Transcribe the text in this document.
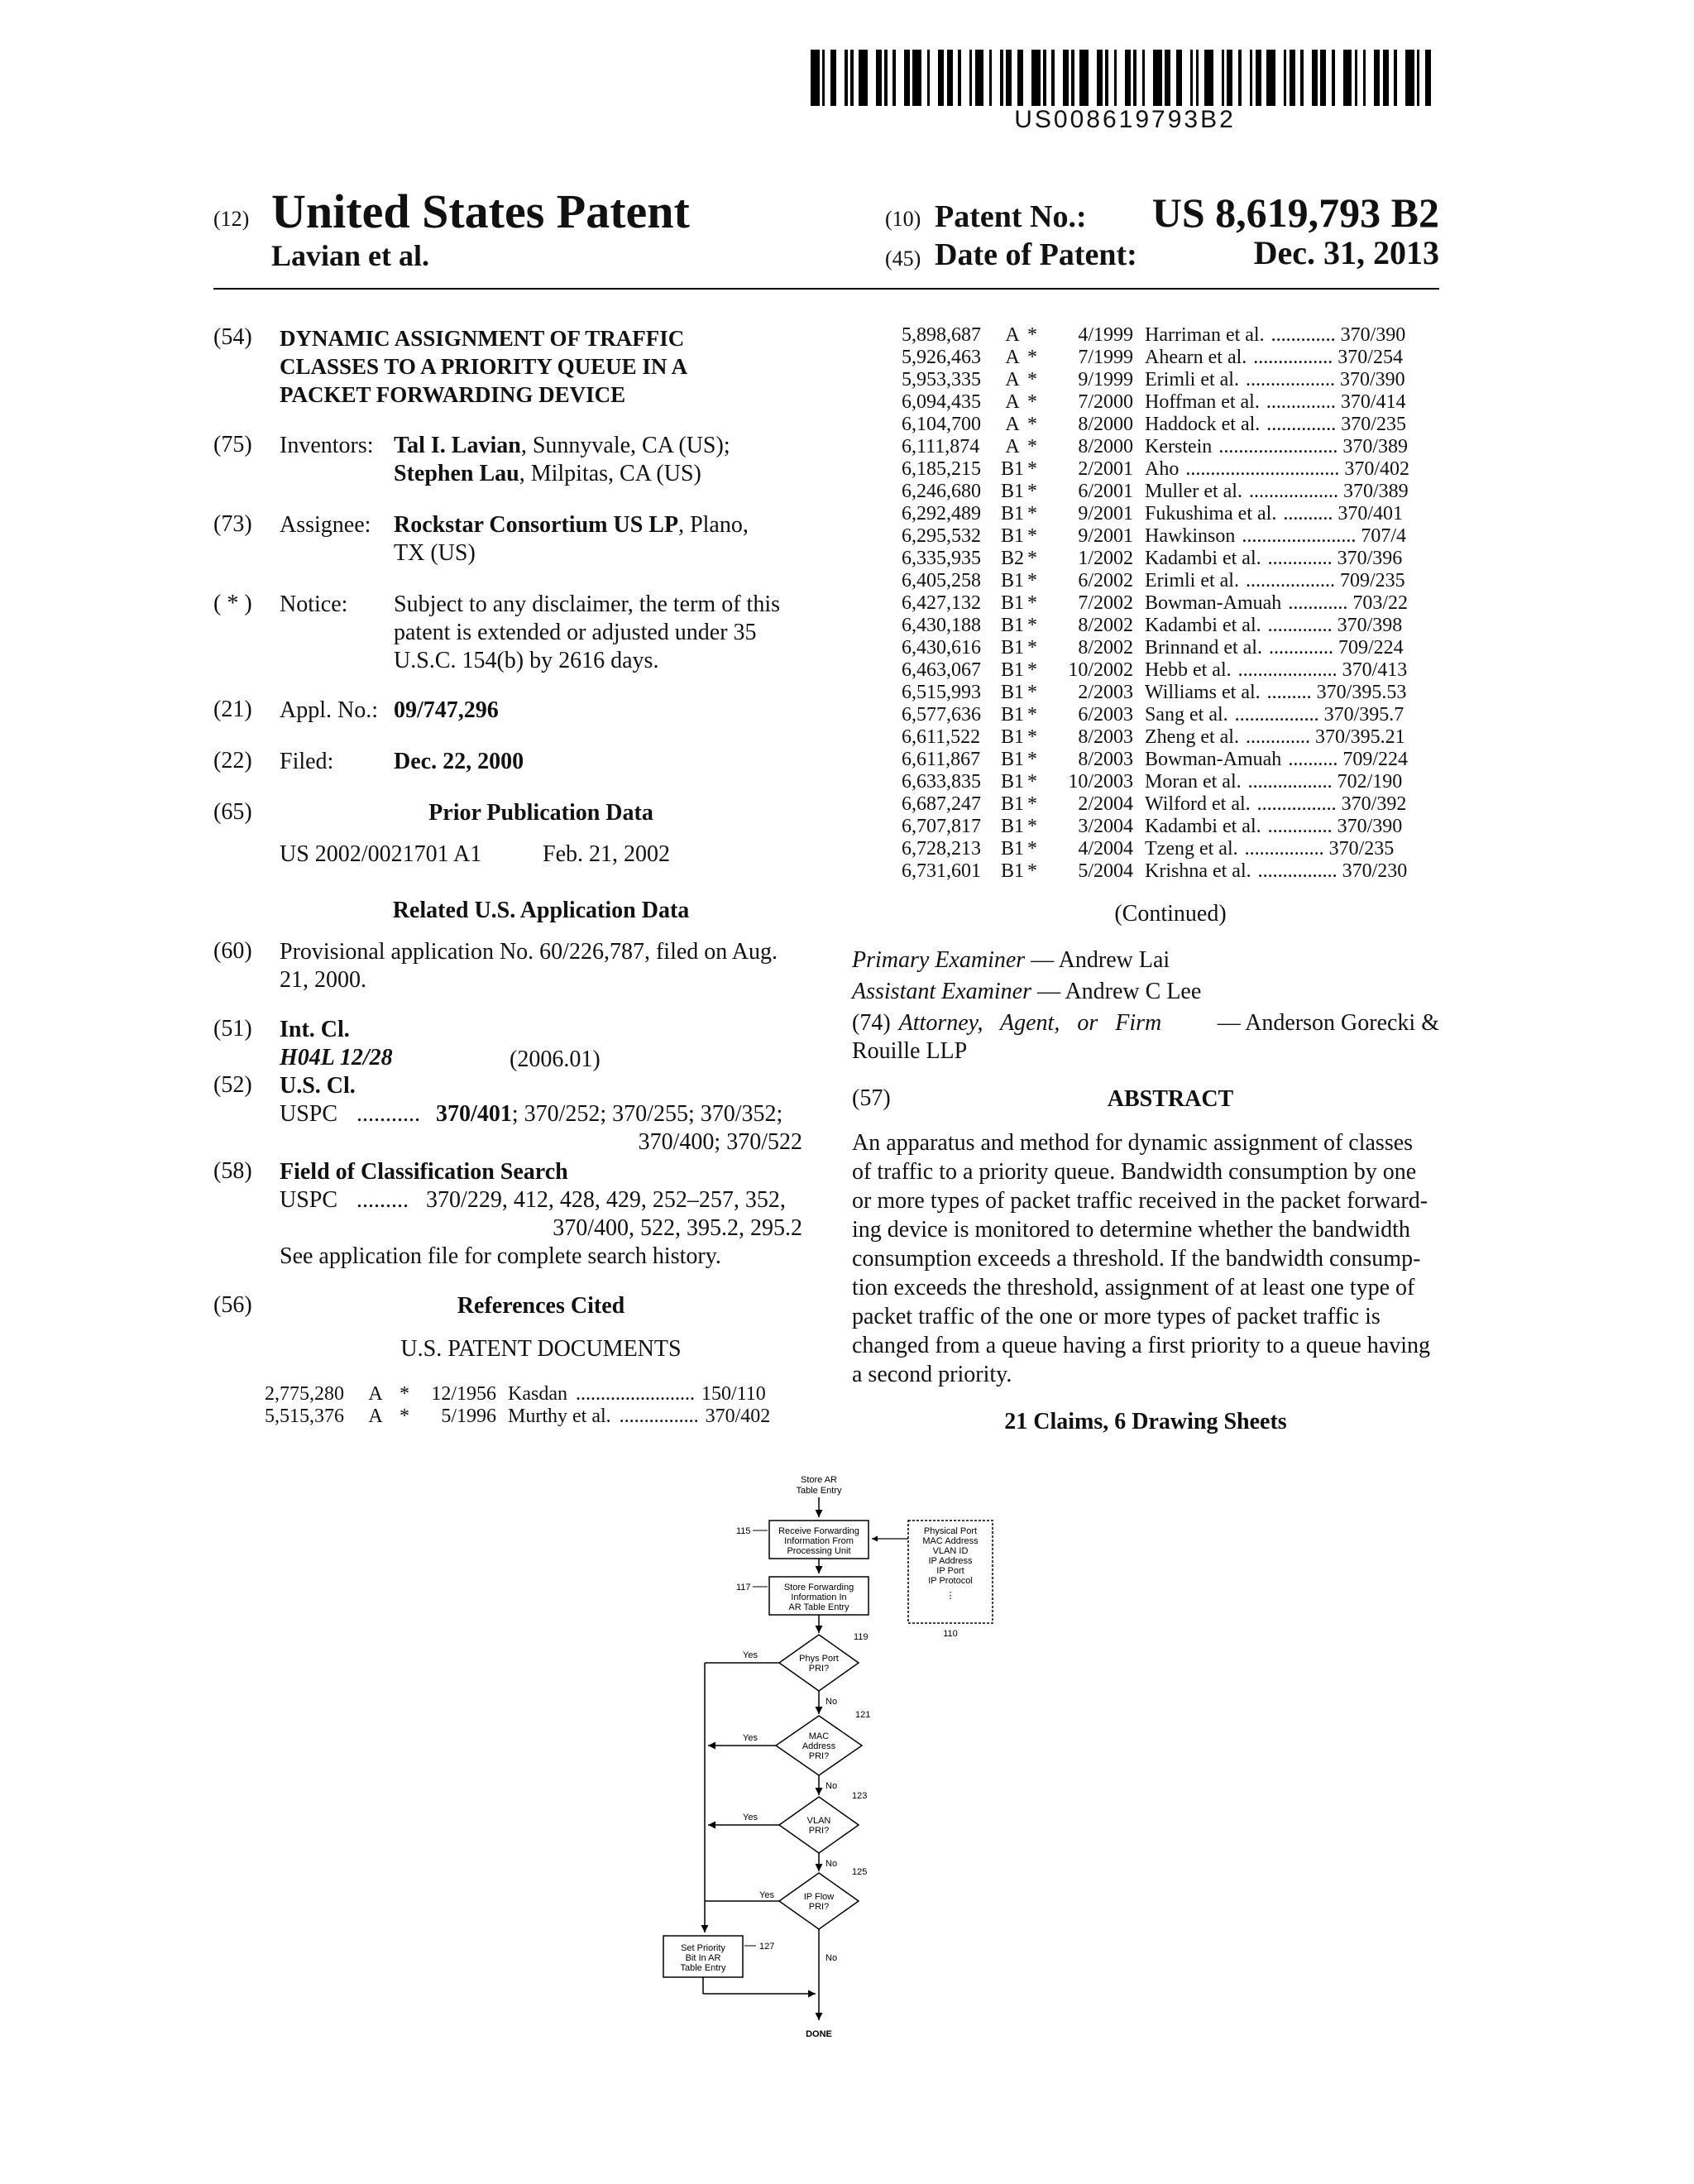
US008619793B2
(12) United States Patent
Lavian et al.
(10) Patent No.: US 8,619,793 B2
(45) Date of Patent:	Dec. 31, 2013
(54) DYNAMIC ASSIGNMENT OF TRAFFIC
CLASSES TO A PRIORITY QUEUE IN A
PACKET FORWARDING DEVICE
(75) Inventors: Tal I. Lavian, Sunnyvale, CA (US);
Stephen Lau, Milpitas, CA (US)
(73) Assignee: Rockstar Consortium US LP, Plano,
TX (US)
( * ) Notice: Subject to any disclaimer, the term of this
patent is extended or adjusted under 35
U.S.C. 154(b) by 2616 days.
(21) Appl. No.: 09/747,296
(22) Filed:	Dec. 22, 2000
(65)	Prior Publication Data
US 2002/0021701 A1	Feb. 21, 2002
Related U.S. Application Data
(60) Provisional application No. 60/226,787, filed on Aug.
21, 2000.
(51) Int. Cl.
H04L 12/28	(2006.01)
(52) U.S. Cl.
USPC ........... 370/401; 370/252; 370/255; 370/352;
370/400; 370/522
(58) Field of Classification Search
USPC ......... 370/229, 412, 428, 429, 252–257, 352,
370/400, 522, 395.2, 295.2
See application file for complete search history.
(56)	References Cited
U.S. PATENT DOCUMENTS
2,775,280 A * 12/1956 Kasdan ........................ 150/110
5,515,376 A * 5/1996 Murthy et al. ................ 370/402
5,898,687 A * 4/1999 Harriman et al. ............. 370/390
5,926,463 A * 7/1999 Ahearn et al. ................ 370/254
5,953,335 A * 9/1999 Erimli et al. .................. 370/390
6,094,435 A * 7/2000 Hoffman et al. .............. 370/414
6,104,700 A * 8/2000 Haddock et al. .............. 370/235
6,111,874 A * 8/2000 Kerstein ........................ 370/389
6,185,215 B1 * 2/2001 Aho ............................... 370/402
6,246,680 B1 * 6/2001 Muller et al. .................. 370/389
6,292,489 B1 * 9/2001 Fukushima et al. .......... 370/401
6,295,532 B1 * 9/2001 Hawkinson ....................... 707/4
6,335,935 B2 * 1/2002 Kadambi et al. ............. 370/396
6,405,258 B1 * 6/2002 Erimli et al. .................. 709/235
6,427,132 B1 * 7/2002 Bowman-Amuah ............ 703/22
6,430,188 B1 * 8/2002 Kadambi et al. ............. 370/398
6,430,616 B1 * 8/2002 Brinnand et al. ............. 709/224
6,463,067 B1 * 10/2002 Hebb et al. .................... 370/413
6,515,993 B1 * 2/2003 Williams et al. ......... 370/395.53
6,577,636 B1 * 6/2003 Sang et al. ................. 370/395.7
6,611,522 B1 * 8/2003 Zheng et al. ............. 370/395.21
6,611,867 B1 * 8/2003 Bowman-Amuah .......... 709/224
6,633,835 B1 * 10/2003 Moran et al. ................. 702/190
6,687,247 B1 * 2/2004 Wilford et al. ................ 370/392
6,707,817 B1 * 3/2004 Kadambi et al. ............. 370/390
6,728,213 B1 * 4/2004 Tzeng et al. ................ 370/235
6,731,601 B1 * 5/2004 Krishna et al. ................ 370/230
(Continued)
Primary Examiner — Andrew Lai
Assistant Examiner — Andrew C Lee
(74) Attorney, Agent, or Firm	— Anderson Gorecki &
Rouille LLP
(57)	ABSTRACT
An apparatus and method for dynamic assignment of classes
of traffic to a priority queue. Bandwidth consumption by one
or more types of packet traffic received in the packet forward-
ing device is monitored to determine whether the bandwidth
consumption exceeds a threshold. If the bandwidth consump-
tion exceeds the threshold, assignment of at least one type of
packet traffic of the one or more types of packet traffic is
changed from a queue having a first priority to a queue having
a second priority.
21 Claims, 6 Drawing Sheets
Store AR
Table Entry
Receive Forwarding
Information From
Processing Unit
115	Physical Port
MAC Address
VLAN ID
IP Address
IP Port
IP Protocol
⋮
110
Store Forwarding
Information In
AR Table Entry
117
Phys Port
PRI?
119
Yes
No
MAC
Address
PRI?
121
Yes
No
VLAN
PRI?
123
Yes
No
IP Flow
PRI?
125
Yes
No
Set Priority
Bit In AR
Table Entry
127
DONE
